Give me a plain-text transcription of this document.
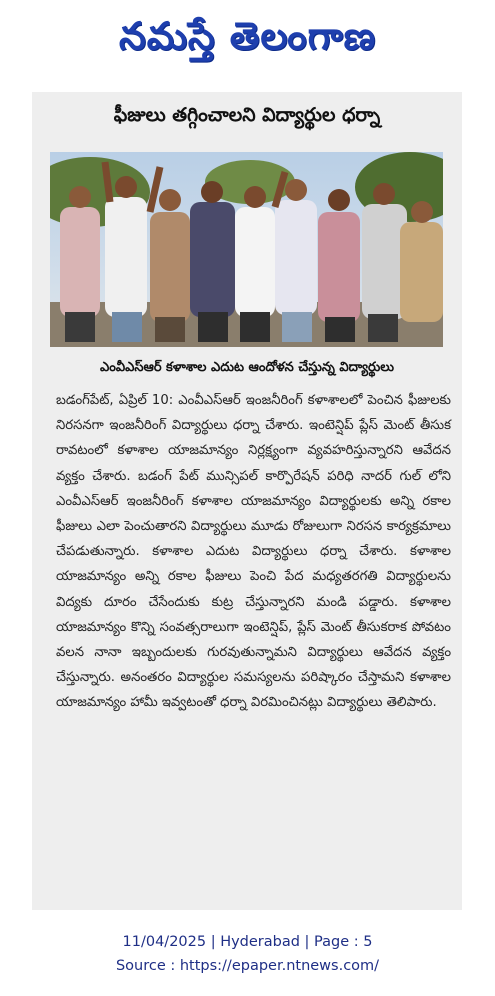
నమస్తే తెలంగాణ
ఫీజులు తగ్గించాలని విద్యార్థుల ధర్నా
ఎంవీఎస్‌ఆర్ కళాశాల ఎదుట ఆందోళన చేస్తున్న విద్యార్థులు

బడంగ్‌పేట్, ఏప్రిల్ 10: ఎంవీఎస్‌ఆర్ ఇంజనీరింగ్ కళాశాలలో పెంచిన ఫీజులకు నిరసనగా ఇంజనీరింగ్ విద్యార్థులు ధర్నా చేశారు. ఇంటెన్షిప్ ప్లేస్ మెంట్ తీసుక రావటంలో కళాశాల యాజమాన్యం నిర్లక్ష్యంగా వ్యవహరిస్తున్నారని ఆవేదన వ్యక్తం చేశారు. బడంగ్ పేట్ మున్సిపల్ కార్పొరేషన్ పరిధి నాదర్ గుల్ లోని ఎంవీఎస్‌ఆర్ ఇంజనీరింగ్ కళాశాల యాజమాన్యం విద్యార్థులకు అన్ని రకాల ఫీజులు ఎలా పెంచుతారని విద్యార్థులు మూడు రోజులుగా నిరసన కార్యక్రమాలు చేపడుతున్నారు. కళాశాల ఎదుట విద్యార్థులు ధర్నా చేశారు. కళాశాల యాజమాన్యం అన్ని రకాల ఫీజులు పెంచి పేద మధ్యతరగతి విద్యార్థులను విద్యకు దూరం చేసేందుకు కుట్ర చేస్తున్నారని మండి పడ్డారు. కళాశాల యాజమాన్యం కొన్ని సంవత్సరాలుగా ఇంటెన్షిప్, ప్లేస్ మెంట్ తీసుకరాక పోవటం వలన నానా ఇబ్బందులకు గురవుతున్నామని విద్యార్థులు ఆవేదన వ్యక్తం చేస్తున్నారు. అనంతరం విద్యార్థుల సమస్యలను పరిష్కారం చేస్తామని కళాశాల యాజమాన్యం హామీ ఇవ్వటంతో ధర్నా విరమించినట్లు విద్యార్థులు తెలిపారు.

11/04/2025 | Hyderabad | Page : 5
Source : https://epaper.ntnews.com/
